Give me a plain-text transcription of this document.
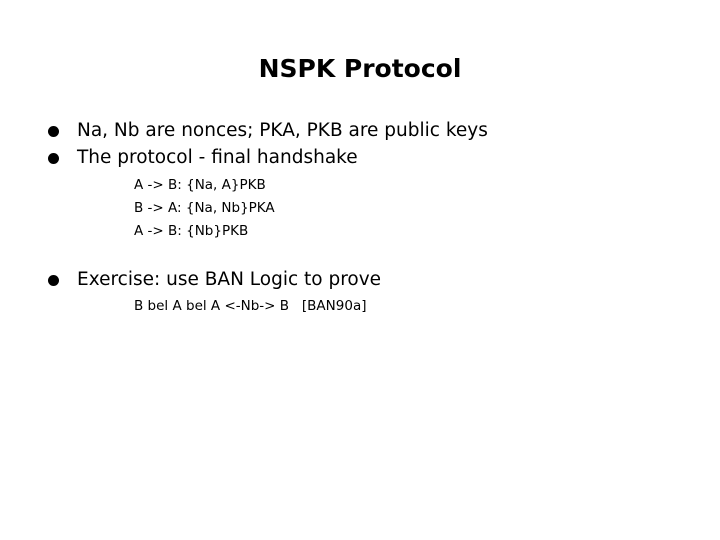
NSPK Protocol
Na, Nb are nonces; PKA, PKB are public keys
The protocol - final handshake
A -> B: {Na, A}PKB
B -> A: {Na, Nb}PKA
A -> B: {Nb}PKB
Exercise: use BAN Logic to prove
B bel A bel A <-Nb-> B   [BAN90a]
